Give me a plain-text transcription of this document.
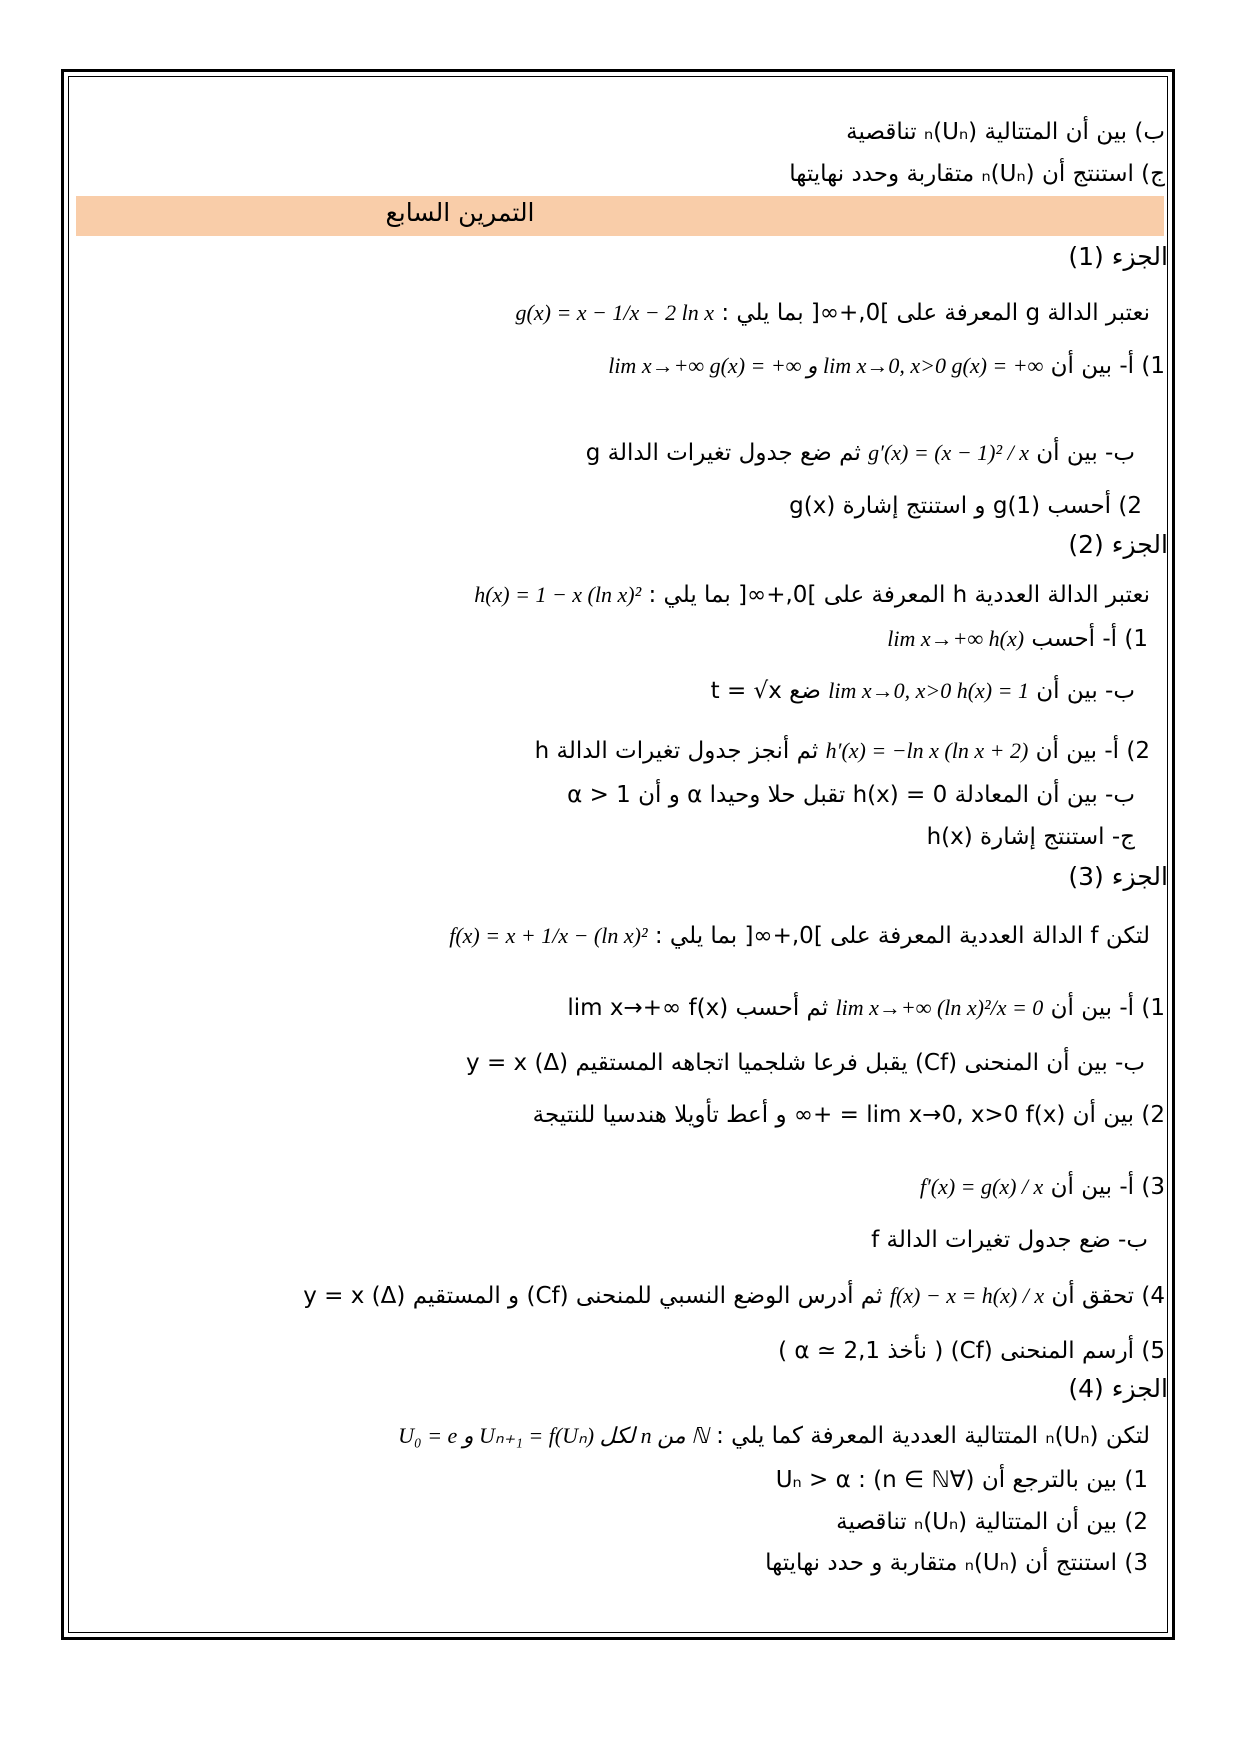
ب) بين أن المتتالية (Uₙ)ₙ تناقصية
ج) استنتج أن (Uₙ)ₙ متقاربة وحدد نهايتها
التمرين السابع
الجزء (1)
نعتبر الدالة g المعرفة على ]0,+∞[ بما يلي : g(x) = x − 1/x − 2 ln x
1) أ- بين أن lim x→+∞ g(x) = +∞ و lim x→0, x>0 g(x) = +∞
ب- بين أن g′(x) = (x − 1)² / x ثم ضع جدول تغيرات الدالة g
2) أحسب g(1) و استنتج إشارة g(x)
الجزء (2)
نعتبر الدالة العددية h المعرفة على ]0,+∞[ بما يلي : h(x) = 1 − x (ln x)²
1) أ- أحسب lim x→+∞ h(x)
ب- بين أن lim x→0, x>0 h(x) = 1 ضع t = √x
2) أ- بين أن h′(x) = −ln x (ln x + 2) ثم أنجز جدول تغيرات الدالة h
ب- بين أن المعادلة h(x) = 0 تقبل حلا وحيدا α و أن α > 1
ج- استنتج إشارة h(x)
الجزء (3)
لتكن f الدالة العددية المعرفة على ]0,+∞[ بما يلي : f(x) = x + 1/x − (ln x)²
1) أ- بين أن lim x→+∞ (ln x)²/x = 0 ثم أحسب lim x→+∞ f(x)
ب- بين أن المنحنى (Cf) يقبل فرعا شلجميا اتجاهه المستقيم (Δ) y = x
2) بين أن lim x→0, x>0 f(x) = +∞ و أعط تأويلا هندسيا للنتيجة
3) أ- بين أن f′(x) = g(x) / x
ب- ضع جدول تغيرات الدالة f
4) تحقق أن f(x) − x = h(x) / x ثم أدرس الوضع النسبي للمنحنى (Cf) و المستقيم (Δ) y = x
5) أرسم المنحنى (Cf) ( نأخذ α ≃ 2,1 )
الجزء (4)
لتكن (Uₙ)ₙ المتتالية العددية المعرفة كما يلي : U₀ = e و Uₙ₊₁ = f(Uₙ) لكل n من ℕ
1) بين بالترجع أن (∀n ∈ ℕ) : Uₙ > α
2) بين أن المتتالية (Uₙ)ₙ تناقصية
3) استنتج أن (Uₙ)ₙ متقاربة و حدد نهايتها
